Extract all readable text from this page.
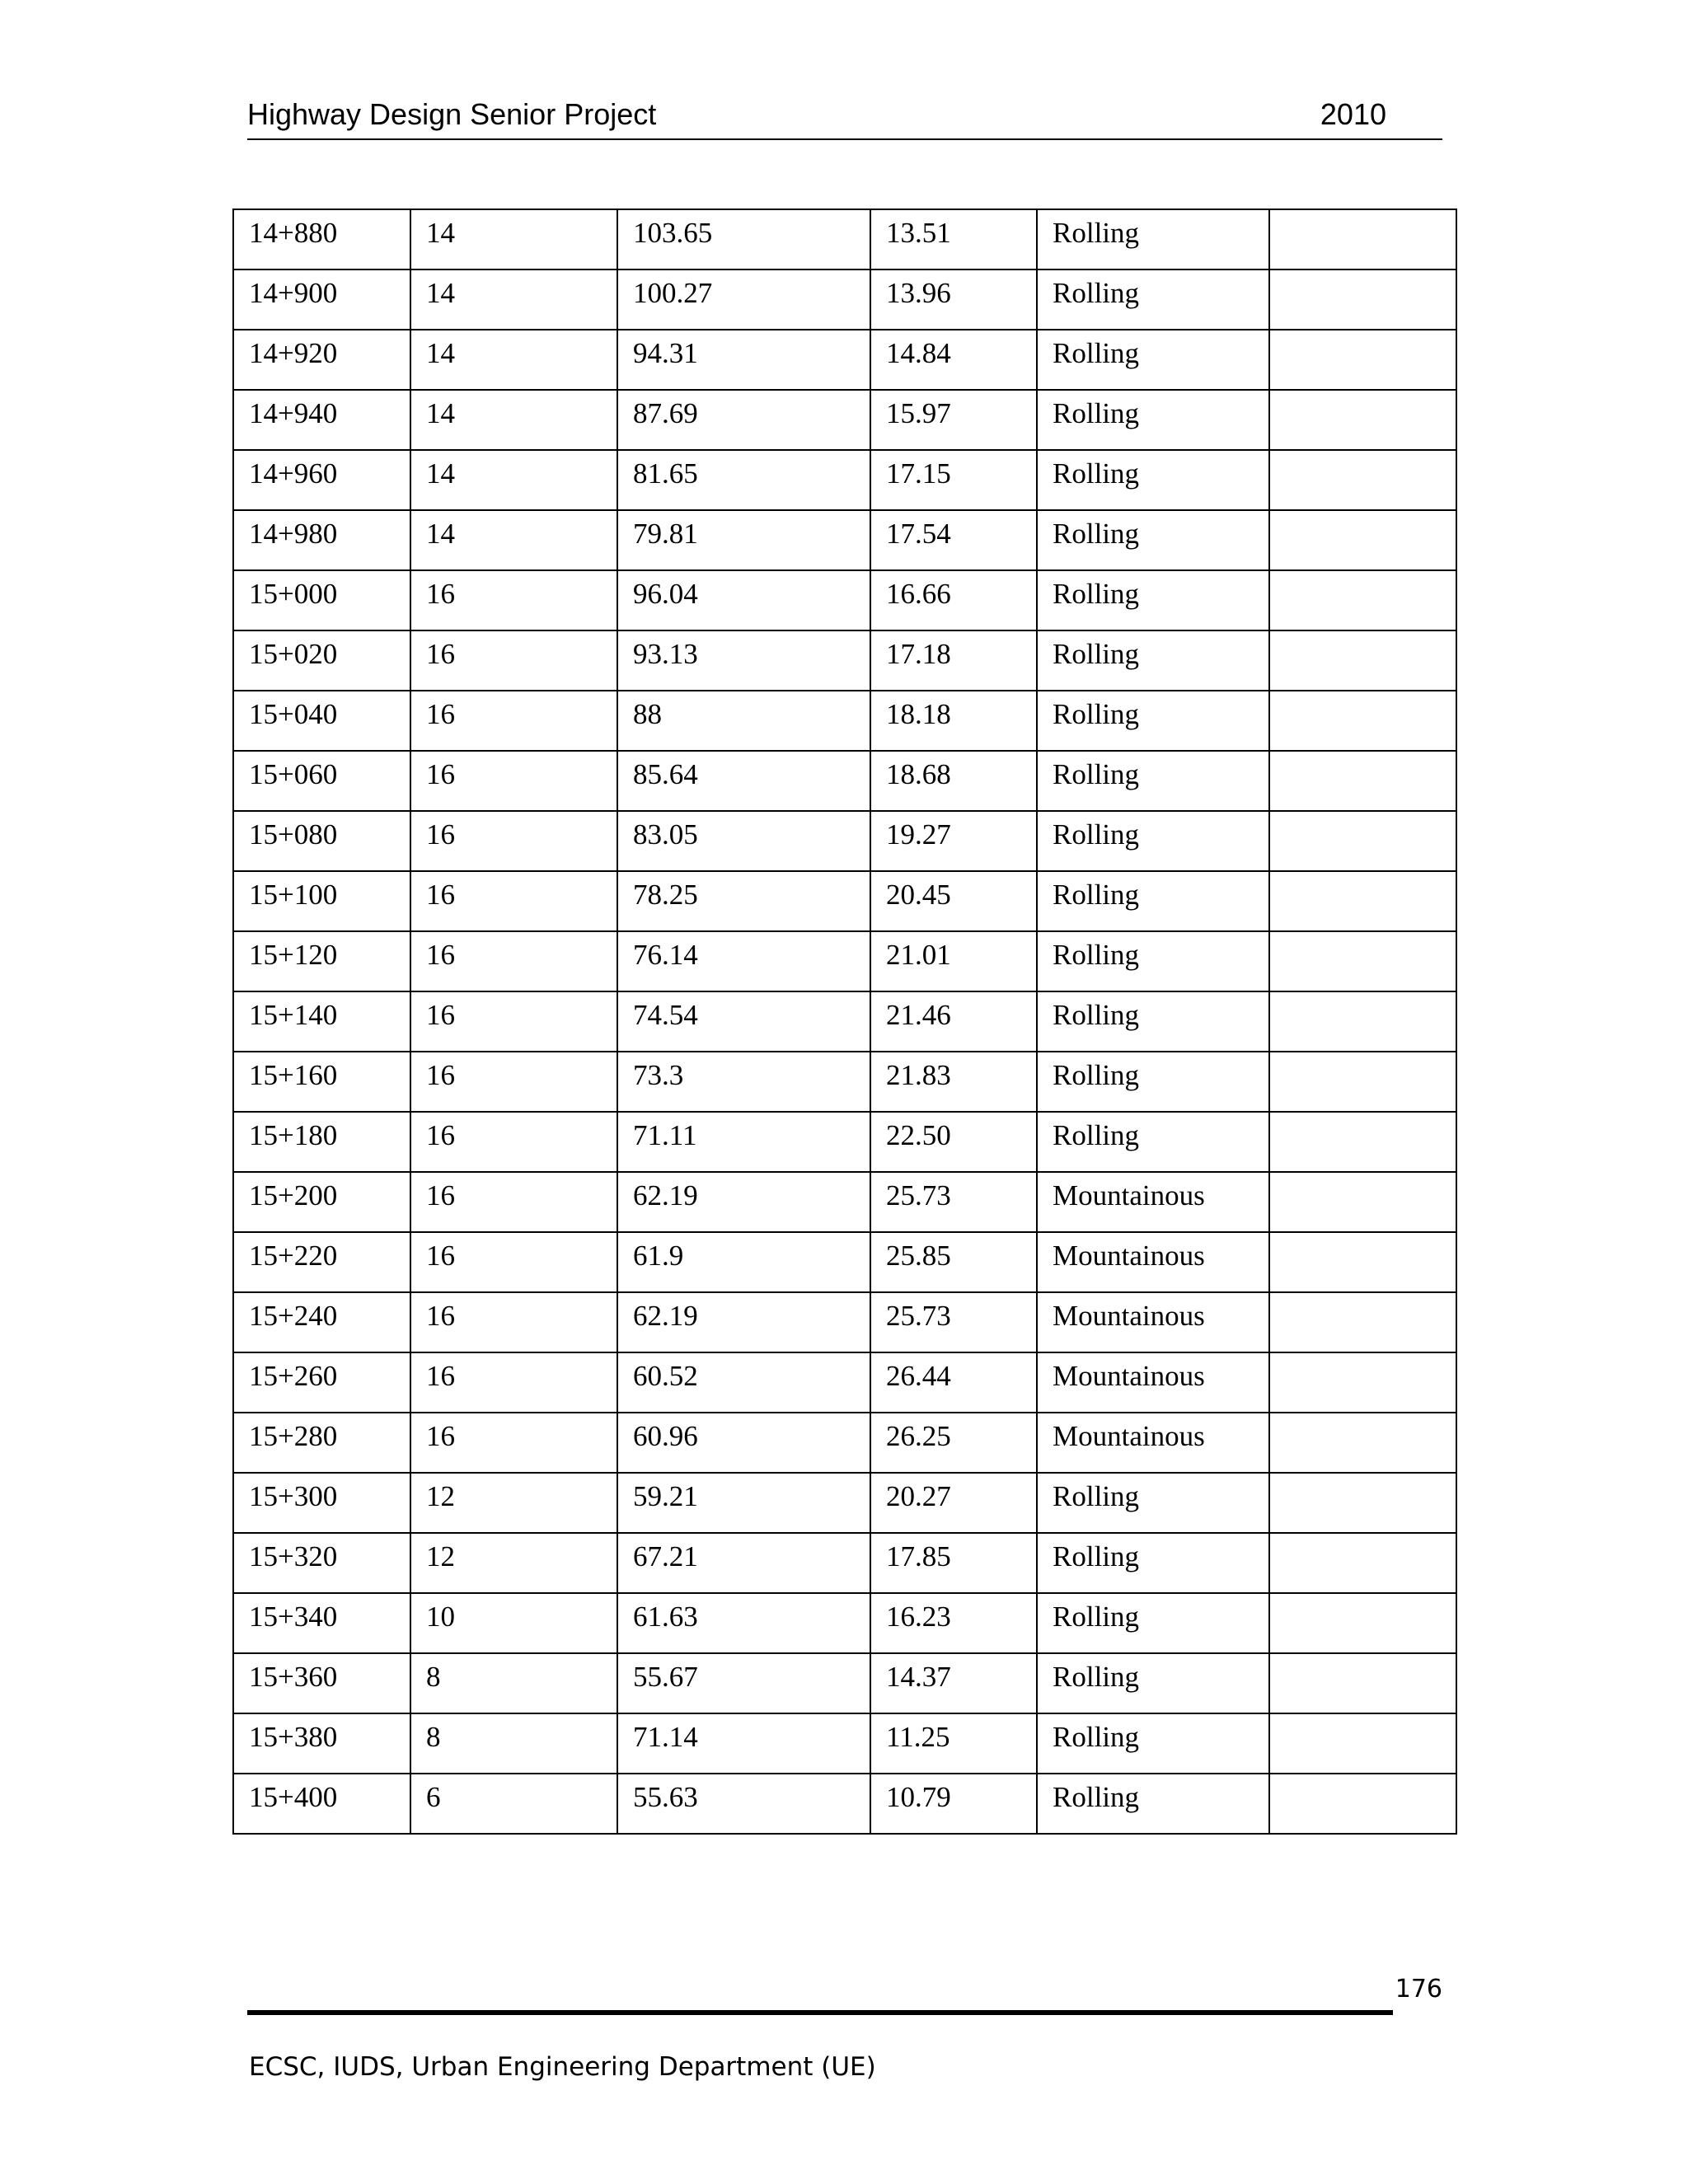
Highway Design Senior Project	2010
14+880	14	103.65	13.51	Rolling	

14+900	14	100.27	13.96	Rolling	

14+920	14	94.31	14.84	Rolling	

14+940	14	87.69	15.97	Rolling	

14+960	14	81.65	17.15	Rolling	

14+980	14	79.81	17.54	Rolling	

15+000	16	96.04	16.66	Rolling	

15+020	16	93.13	17.18	Rolling	

15+040	16	88	18.18	Rolling	

15+060	16	85.64	18.68	Rolling	

15+080	16	83.05	19.27	Rolling	

15+100	16	78.25	20.45	Rolling	

15+120	16	76.14	21.01	Rolling	

15+140	16	74.54	21.46	Rolling	

15+160	16	73.3	21.83	Rolling	

15+180	16	71.11	22.50	Rolling	

15+200	16	62.19	25.73	Mountainous	

15+220	16	61.9	25.85	Mountainous	

15+240	16	62.19	25.73	Mountainous	

15+260	16	60.52	26.44	Mountainous	

15+280	16	60.96	26.25	Mountainous	

15+300	12	59.21	20.27	Rolling	

15+320	12	67.21	17.85	Rolling	

15+340	10	61.63	16.23	Rolling	

15+360	8	55.67	14.37	Rolling	

15+380	8	71.14	11.25	Rolling	

15+400	6	55.63	10.79	Rolling	

176
ECSC, IUDS, Urban Engineering Department (UE)
